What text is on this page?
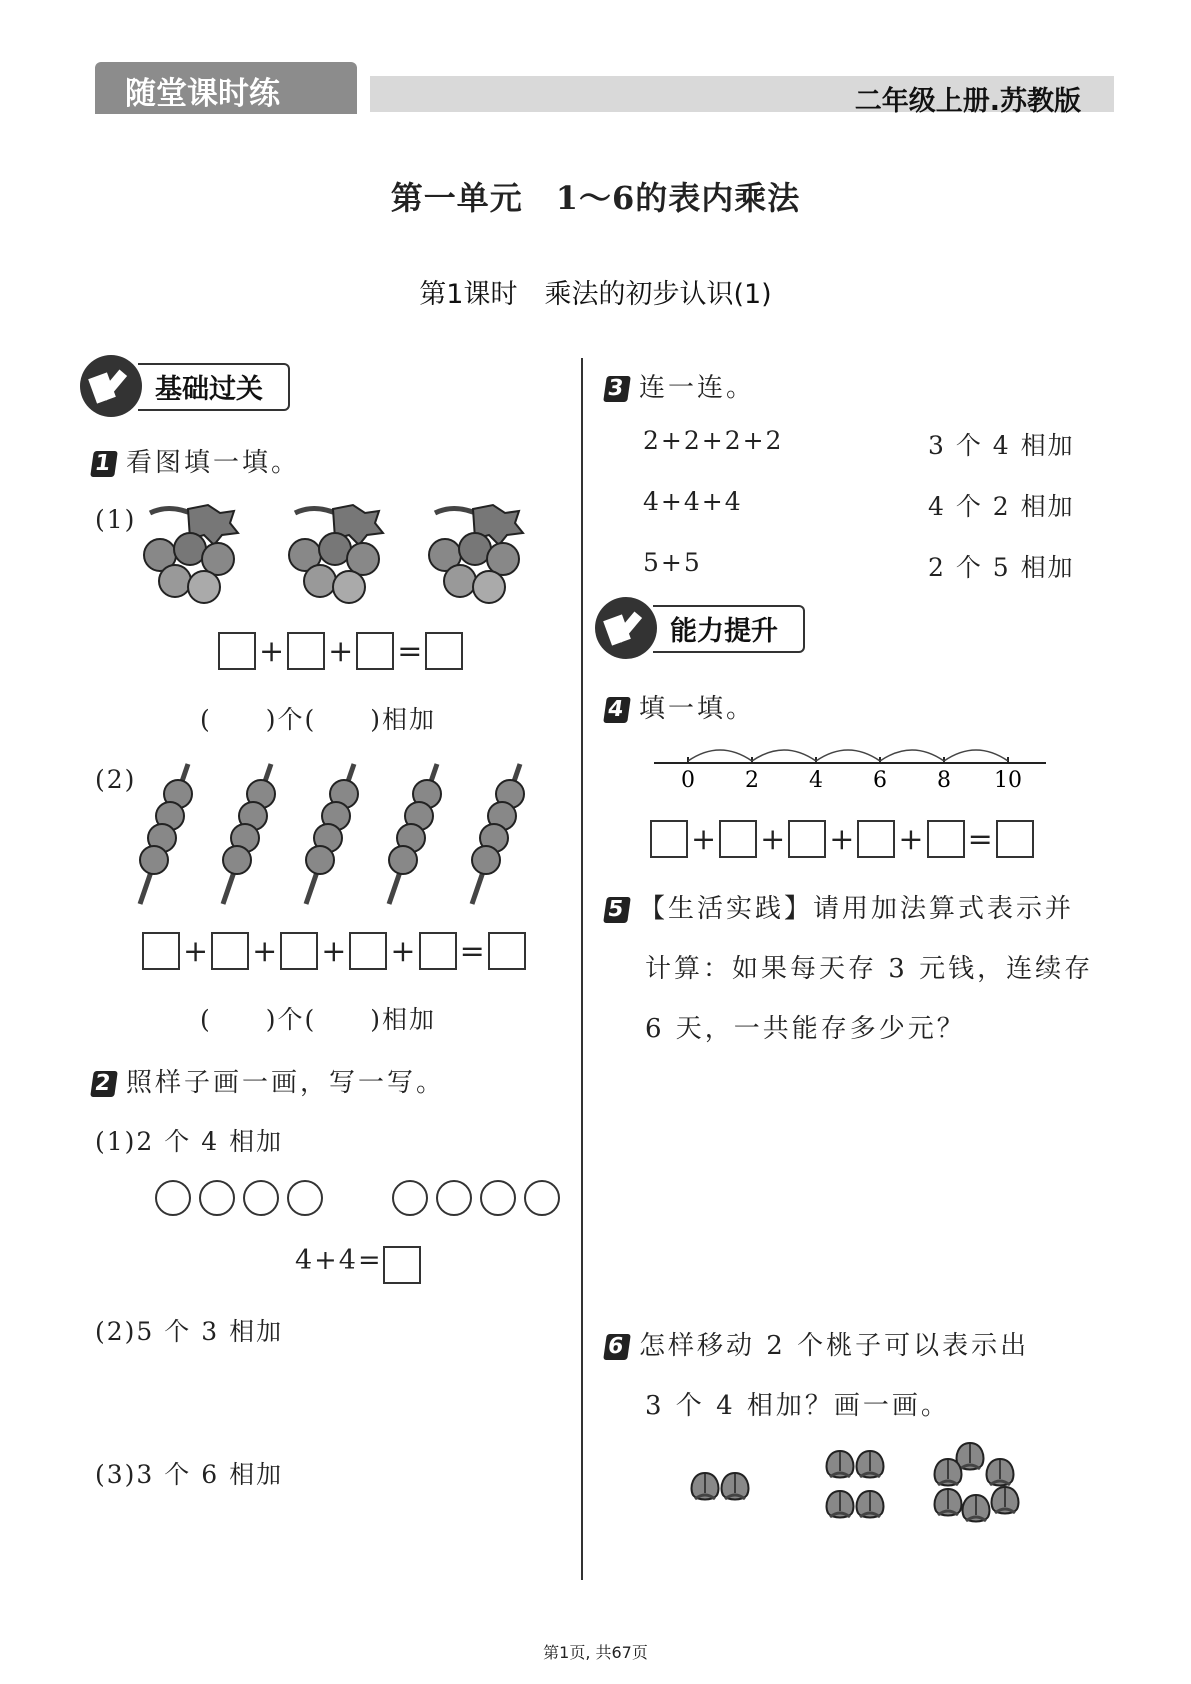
随堂课时练	二年级上册.苏教版
第一单元　1～6的表内乘法
第1课时　乘法的初步认识(1)
基础过关
1 看图填一填。
(1)
+ + =
(　　)个(　　)相加
(2)
+ + + + =
(　　)个(　　)相加
2 照样子画一画，写一写。
(1)2 个 4 相加
4+4=
(2)5 个 3 相加
(3)3 个 6 相加
3 连一连。
2+2+2+2
4+4+4
5+5
3 个 4 相加
4 个 2 相加
2 个 5 相加
能力提升
4 填一填。
0 2 4 6 8 10
+ + + + =
5 【生活实践】请用加法算式表示并
计算：如果每天存 3 元钱，连续存
6 天，一共能存多少元？
6 怎样移动 2 个桃子可以表示出
3 个 4 相加？画一画。
第1页, 共67页
